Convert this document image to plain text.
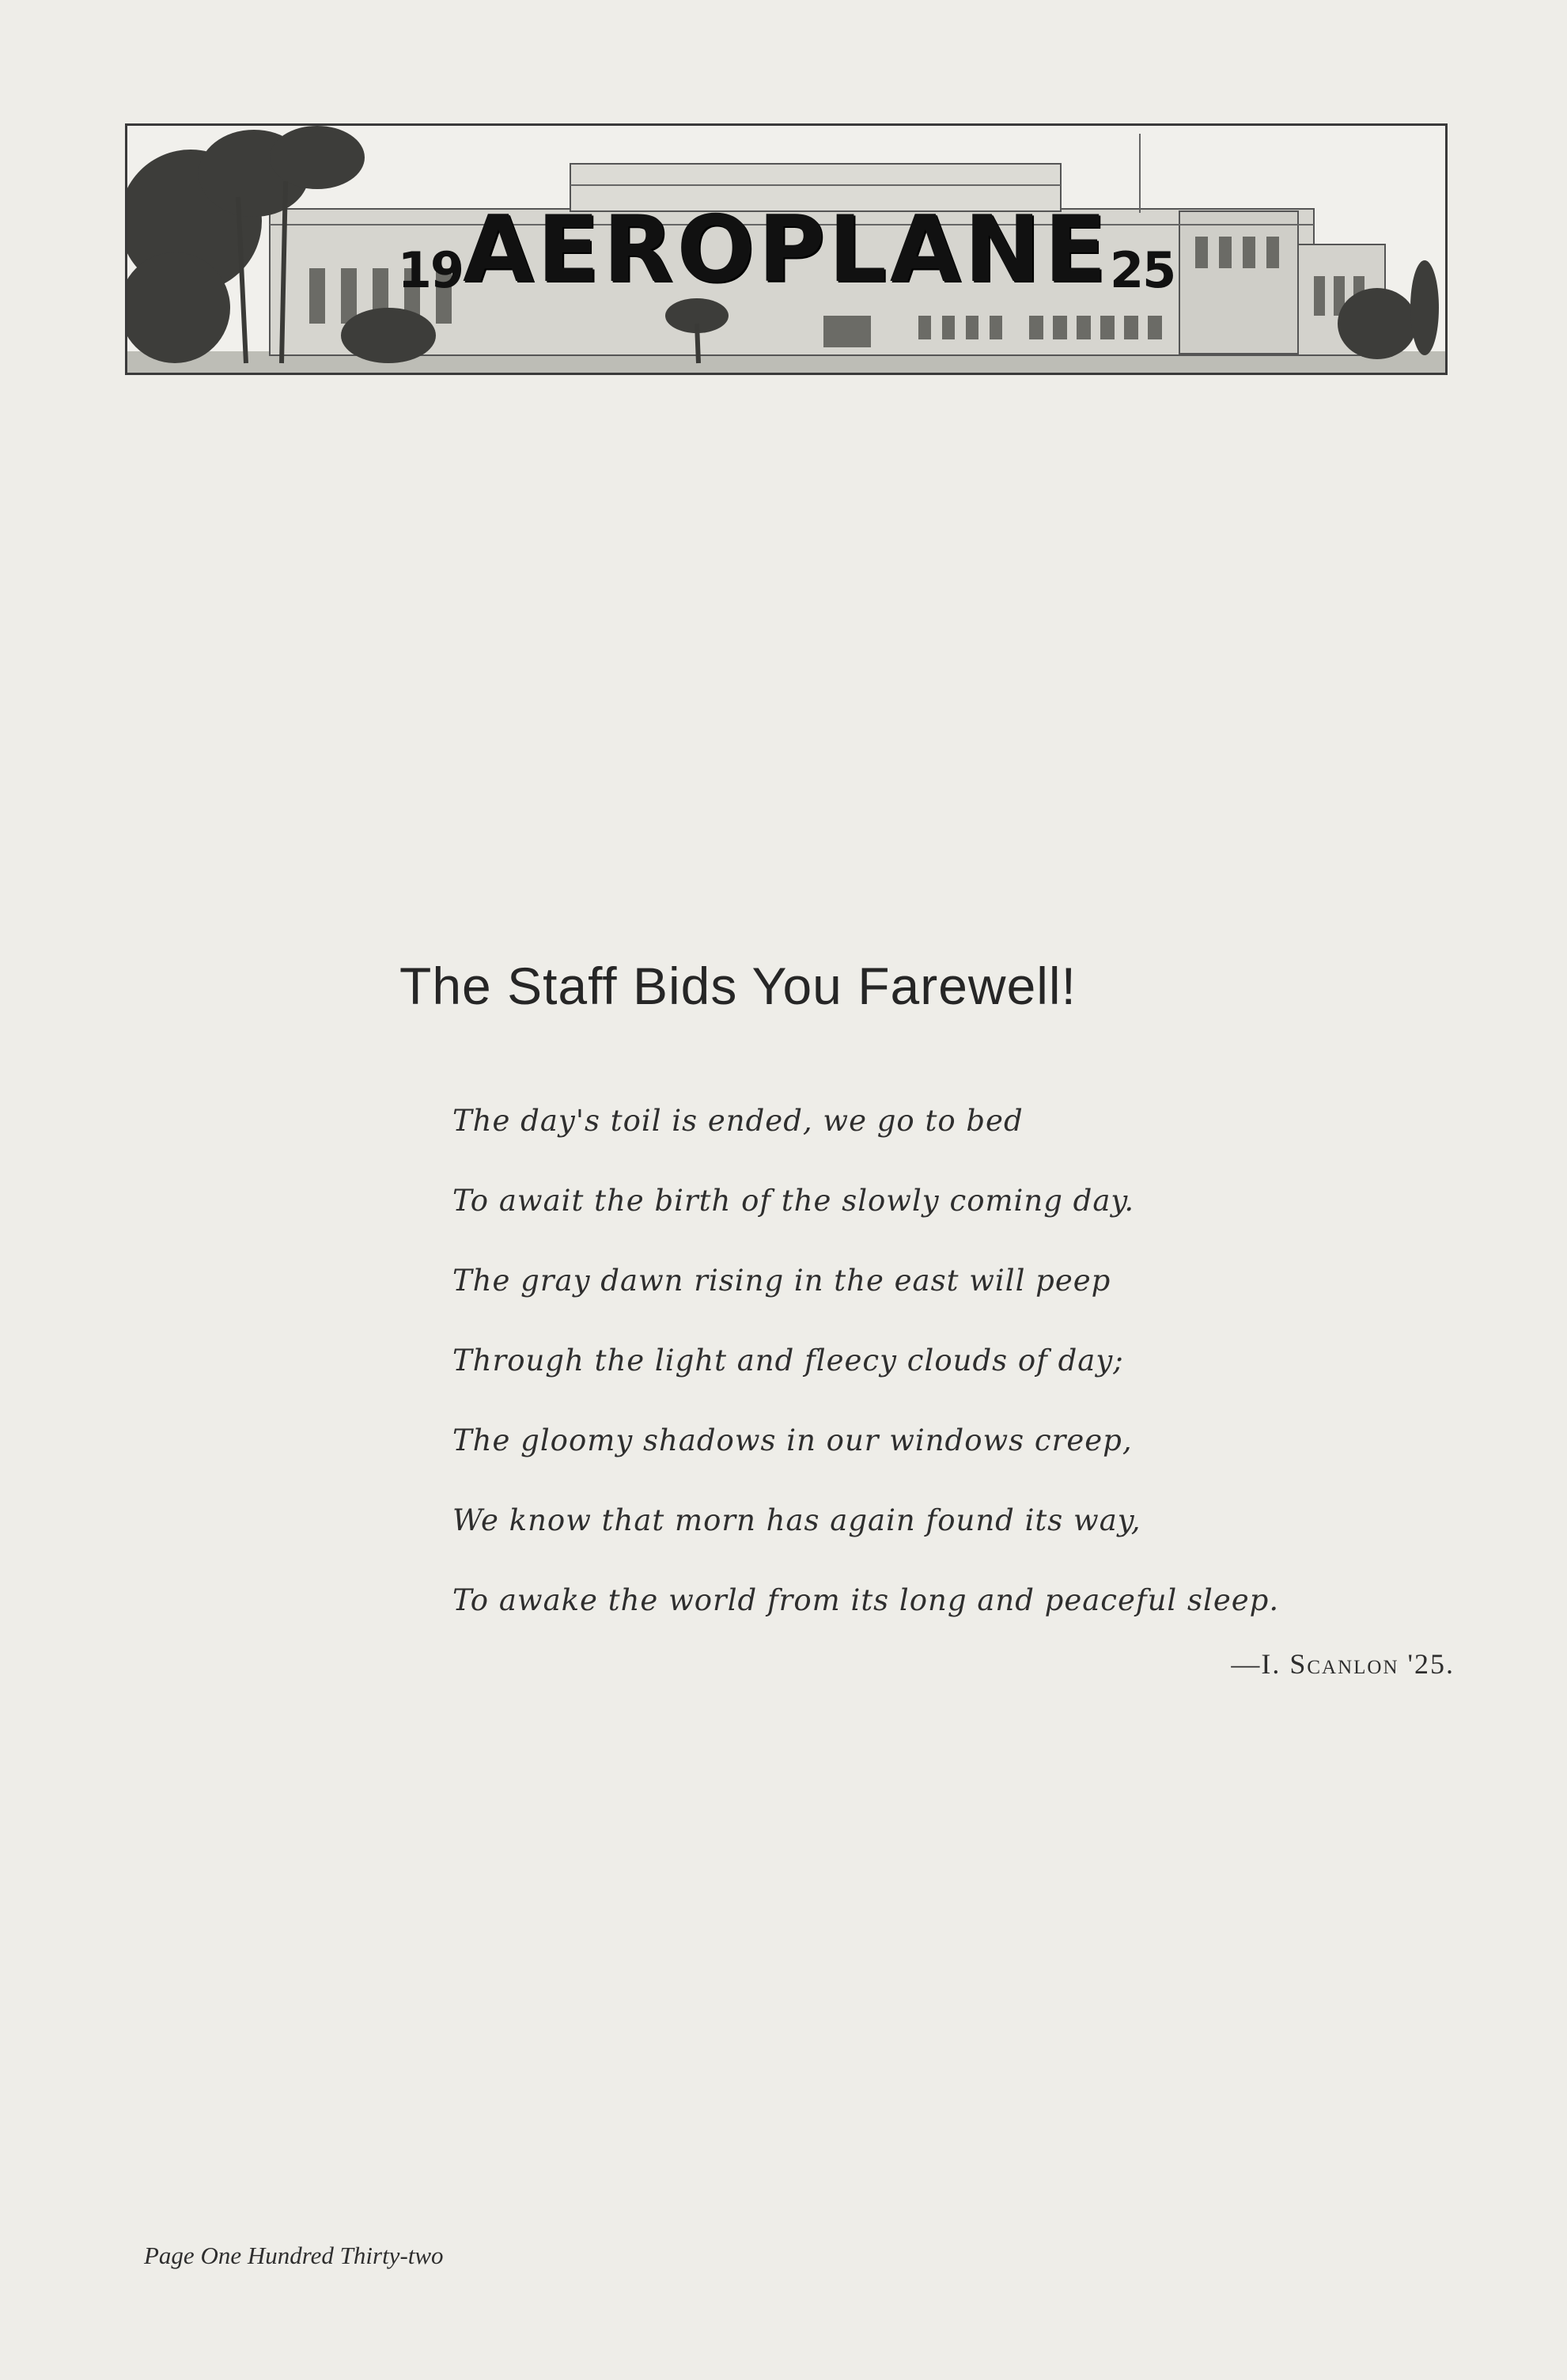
19 AEROPLANE 25
The Staff Bids You Farewell!
The day's toil is ended, we go to bed
To await the birth of the slowly coming day.
The gray dawn rising in the east will peep
Through the light and fleecy clouds of day;
The gloomy shadows in our windows creep,
We know that morn has again found its way,
To awake the world from its long and peaceful sleep.
—I. Scanlon '25.
Page One Hundred Thirty-two
